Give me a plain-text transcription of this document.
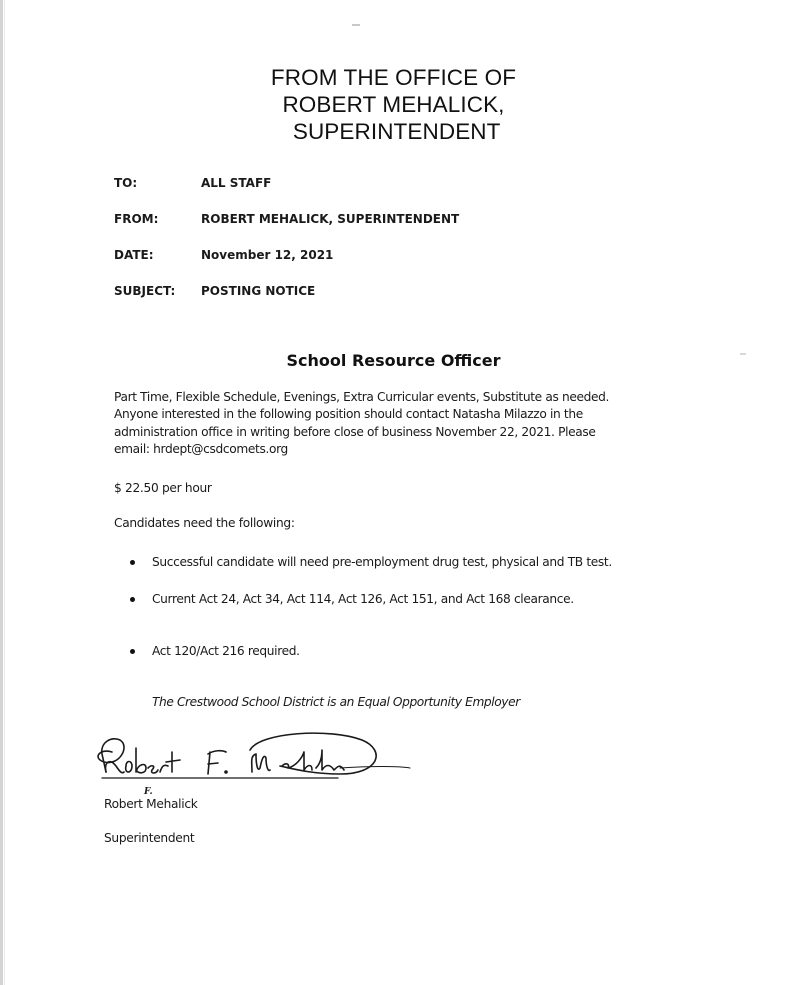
FROM THE OFFICE OF
ROBERT MEHALICK,
SUPERINTENDENT
TO:	ALL STAFF
FROM:	ROBERT MEHALICK, SUPERINTENDENT
DATE:	November 12, 2021
SUBJECT: POSTING NOTICE
School Resource Officer
Part Time, Flexible Schedule, Evenings, Extra Curricular events, Substitute as needed.
Anyone interested in the following position should contact Natasha Milazzo in the
administration office in writing before close of business November 22, 2021. Please
email: hrdept@csdcomets.org
$ 22.50 per hour
Candidates need the following:
Successful candidate will need pre-employment drug test, physical and TB test.
Current Act 24, Act 34, Act 114, Act 126, Act 151, and Act 168 clearance.
Act 120/Act 216 required.
The Crestwood School District is an Equal Opportunity Employer
F.
Robert Mehalick
Superintendent
